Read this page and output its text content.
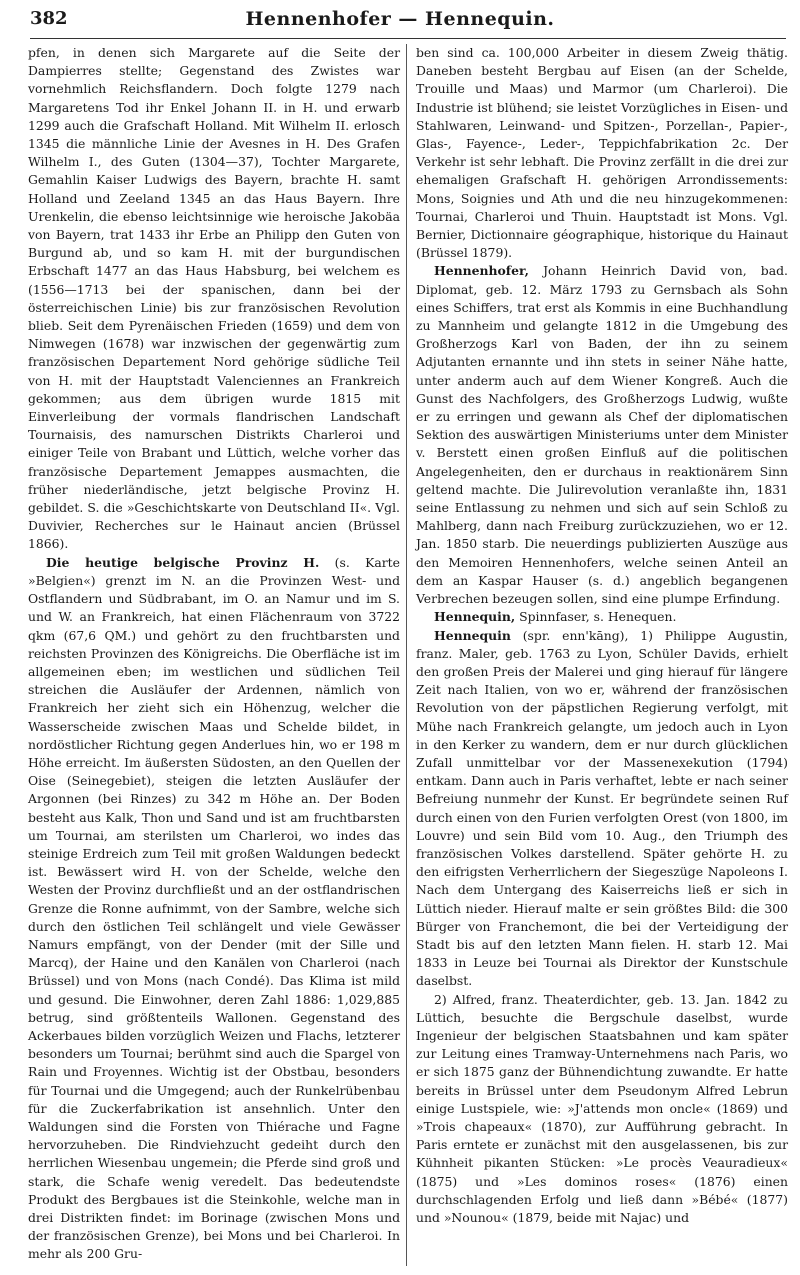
382	Hennenhofer — Hennequin.

pfen, in denen sich Margarete auf die Seite der Dampierres stellte; Gegenstand des Zwistes war vornehmlich Reichsflandern. Doch folgte 1279 nach Margaretens Tod ihr Enkel Johann II. in H. und erwarb 1299 auch die Grafschaft Holland. Mit Wilhelm II. erlosch 1345 die männliche Linie der Avesnes in H. Des Grafen Wilhelm I., des Guten (1304—37), Tochter Margarete, Gemahlin Kaiser Ludwigs des Bayern, brachte H. samt Holland und Zeeland 1345 an das Haus Bayern. Ihre Urenkelin, die ebenso leichtsinnige wie heroische Jakobäa von Bayern, trat 1433 ihr Erbe an Philipp den Guten von Burgund ab, und so kam H. mit der burgundischen Erbschaft 1477 an das Haus Habsburg, bei welchem es (1556—1713 bei der spanischen, dann bei der österreichischen Linie) bis zur französischen Revolution blieb. Seit dem Pyrenäischen Frieden (1659) und dem von Nimwegen (1678) war inzwischen der gegenwärtig zum französischen Departement Nord gehörige südliche Teil von H. mit der Hauptstadt Valenciennes an Frankreich gekommen; aus dem übrigen wurde 1815 mit Einverleibung der vormals flandrischen Landschaft Tournaisis, des namurschen Distrikts Charleroi und einiger Teile von Brabant und Lüttich, welche vorher das französische Departement Jemappes ausmachten, die früher niederländische, jetzt belgische Provinz H. gebildet. S. die »Geschichtskarte von Deutschland II«. Vgl. Duvivier, Recherches sur le Hainaut ancien (Brüssel 1866).

Die heutige belgische Provinz H. (s. Karte »Belgien«) grenzt im N. an die Provinzen West- und Ostflandern und Südbrabant, im O. an Namur und im S. und W. an Frankreich, hat einen Flächenraum von 3722 qkm (67,6 QM.) und gehört zu den fruchtbarsten und reichsten Provinzen des Königreichs. Die Oberfläche ist im allgemeinen eben; im westlichen und südlichen Teil streichen die Ausläufer der Ardennen, nämlich von Frankreich her zieht sich ein Höhenzug, welcher die Wasserscheide zwischen Maas und Schelde bildet, in nordöstlicher Richtung gegen Anderlues hin, wo er 198 m Höhe erreicht. Im äußersten Südosten, an den Quellen der Oise (Seinegebiet), steigen die letzten Ausläufer der Argonnen (bei Rinzes) zu 342 m Höhe an. Der Boden besteht aus Kalk, Thon und Sand und ist am fruchtbarsten um Tournai, am sterilsten um Charleroi, wo indes das steinige Erdreich zum Teil mit großen Waldungen bedeckt ist. Bewässert wird H. von der Schelde, welche den Westen der Provinz durchfließt und an der ostflandrischen Grenze die Ronne aufnimmt, von der Sambre, welche sich durch den östlichen Teil schlängelt und viele Gewässer Namurs empfängt, von der Dender (mit der Sille und Marcq), der Haine und den Kanälen von Charleroi (nach Brüssel) und von Mons (nach Condé). Das Klima ist mild und gesund. Die Einwohner, deren Zahl 1886: 1,029,885 betrug, sind größtenteils Wallonen. Gegenstand des Ackerbaues bilden vorzüglich Weizen und Flachs, letzterer besonders um Tournai; berühmt sind auch die Spargel von Rain und Froyennes. Wichtig ist der Obstbau, besonders für Tournai und die Umgegend; auch der Runkelrübenbau für die Zuckerfabrikation ist ansehnlich. Unter den Waldungen sind die Forsten von Thiérache und Fagne hervorzuheben. Die Rindviehzucht gedeiht durch den herrlichen Wiesenbau ungemein; die Pferde sind groß und stark, die Schafe wenig veredelt. Das bedeutendste Produkt des Bergbaues ist die Steinkohle, welche man in drei Distrikten findet: im Borinage (zwischen Mons und der französischen Grenze), bei Mons und bei Charleroi. In mehr als 200 Gru-

ben sind ca. 100,000 Arbeiter in diesem Zweig thätig. Daneben besteht Bergbau auf Eisen (an der Schelde, Trouille und Maas) und Marmor (um Charleroi). Die Industrie ist blühend; sie leistet Vorzügliches in Eisen- und Stahlwaren, Leinwand- und Spitzen-, Porzellan-, Papier-, Glas-, Fayence-, Leder-, Teppichfabrikation 2c. Der Verkehr ist sehr lebhaft. Die Provinz zerfällt in die drei zur ehemaligen Grafschaft H. gehörigen Arrondissements: Mons, Soignies und Ath und die neu hinzugekommenen: Tournai, Charleroi und Thuin. Hauptstadt ist Mons. Vgl. Bernier, Dictionnaire géographique, historique du Hainaut (Brüssel 1879).

Hennenhofer, Johann Heinrich David von, bad. Diplomat, geb. 12. März 1793 zu Gernsbach als Sohn eines Schiffers, trat erst als Kommis in eine Buchhandlung zu Mannheim und gelangte 1812 in die Umgebung des Großherzogs Karl von Baden, der ihn zu seinem Adjutanten ernannte und ihn stets in seiner Nähe hatte, unter anderm auch auf dem Wiener Kongreß. Auch die Gunst des Nachfolgers, des Großherzogs Ludwig, wußte er zu erringen und gewann als Chef der diplomatischen Sektion des auswärtigen Ministeriums unter dem Minister v. Berstett einen großen Einfluß auf die politischen Angelegenheiten, den er durchaus in reaktionärem Sinn geltend machte. Die Julirevolution veranlaßte ihn, 1831 seine Entlassung zu nehmen und sich auf sein Schloß zu Mahlberg, dann nach Freiburg zurückzuziehen, wo er 12. Jan. 1850 starb. Die neuerdings publizierten Auszüge aus den Memoiren Hennenhofers, welche seinen Anteil an dem an Kaspar Hauser (s. d.) angeblich begangenen Verbrechen bezeugen sollen, sind eine plumpe Erfindung.

Hennequin, Spinnfaser, s. Henequen.

Hennequin (spr. enn'kāng), 1) Philippe Augustin, franz. Maler, geb. 1763 zu Lyon, Schüler Davids, erhielt den großen Preis der Malerei und ging hierauf für längere Zeit nach Italien, von wo er, während der französischen Revolution von der päpstlichen Regierung verfolgt, mit Mühe nach Frankreich gelangte, um jedoch auch in Lyon in den Kerker zu wandern, dem er nur durch glücklichen Zufall unmittelbar vor der Massenexekution (1794) entkam. Dann auch in Paris verhaftet, lebte er nach seiner Befreiung nunmehr der Kunst. Er begründete seinen Ruf durch einen von den Furien verfolgten Orest (von 1800, im Louvre) und sein Bild vom 10. Aug., den Triumph des französischen Volkes darstellend. Später gehörte H. zu den eifrigsten Verherrlichern der Siegeszüge Napoleons I. Nach dem Untergang des Kaiserreichs ließ er sich in Lüttich nieder. Hierauf malte er sein größtes Bild: die 300 Bürger von Franchemont, die bei der Verteidigung der Stadt bis auf den letzten Mann fielen. H. starb 12. Mai 1833 in Leuze bei Tournai als Direktor der Kunstschule daselbst.

2) Alfred, franz. Theaterdichter, geb. 13. Jan. 1842 zu Lüttich, besuchte die Bergschule daselbst, wurde Ingenieur der belgischen Staatsbahnen und kam später zur Leitung eines Tramway-Unternehmens nach Paris, wo er sich 1875 ganz der Bühnendichtung zuwandte. Er hatte bereits in Brüssel unter dem Pseudonym Alfred Lebrun einige Lustspiele, wie: »J'attends mon oncle« (1869) und »Trois chapeaux« (1870), zur Aufführung gebracht. In Paris erntete er zunächst mit den ausgelassenen, bis zur Kühnheit pikanten Stücken: »Le procès Veauradieux« (1875) und »Les dominos roses« (1876) einen durchschlagenden Erfolg und ließ dann »Bébé« (1877) und »Nounou« (1879, beide mit Najac) und
